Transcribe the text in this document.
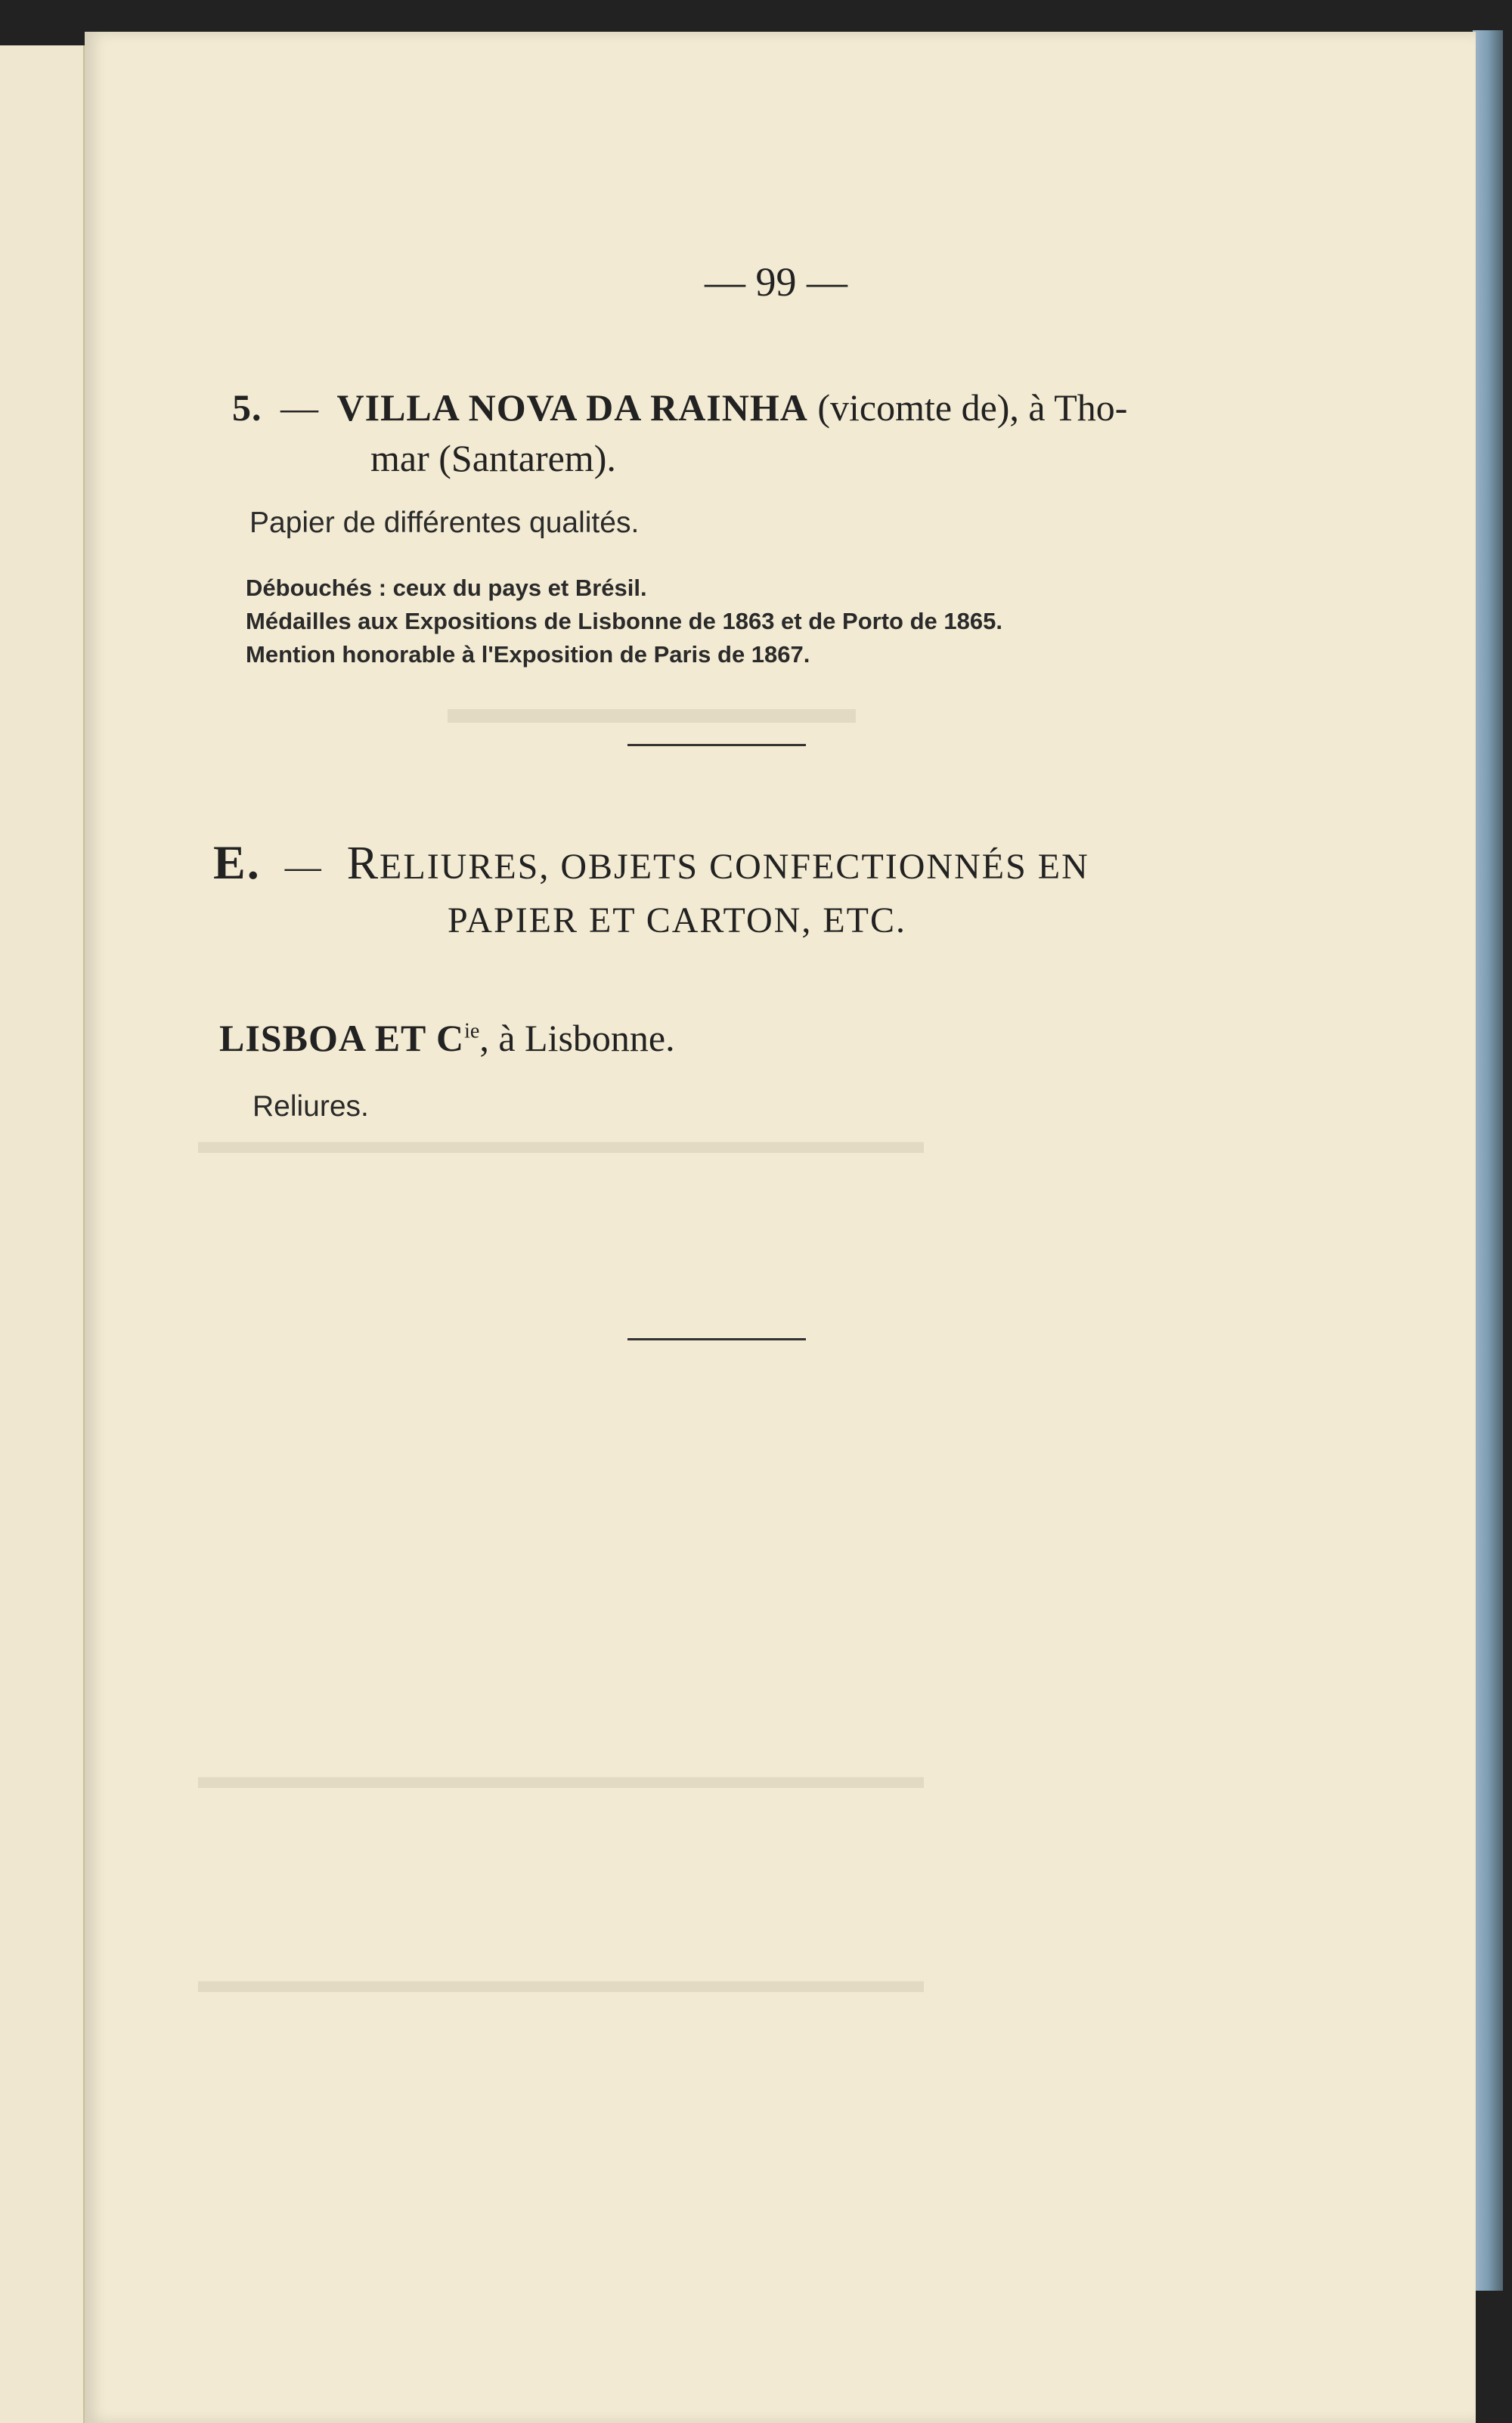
▬▬▬▬▬▬▬▬▬
▬▬▬▬▬▬▬▬▬▬▬▬▬▬▬▬▬▬▬▬
▬▬▬▬▬▬▬▬▬▬▬▬▬▬▬▬▬▬▬▬
▬▬▬▬▬▬▬▬▬▬▬▬▬▬▬▬▬▬▬▬
— 99 —
5. — VILLA NOVA DA RAINHA (vicomte de), à Tho-
mar (Santarem).
Papier de différentes qualités.
Débouchés : ceux du pays et Brésil.
Médailles aux Expositions de Lisbonne de 1863 et de Porto de 1865.
Mention honorable à l'Exposition de Paris de 1867.
E. — RELIURES, OBJETS CONFECTIONNÉS EN
PAPIER ET CARTON, ETC.
LISBOA ET $C^{ie}$, à Lisbonne.
Reliures.
